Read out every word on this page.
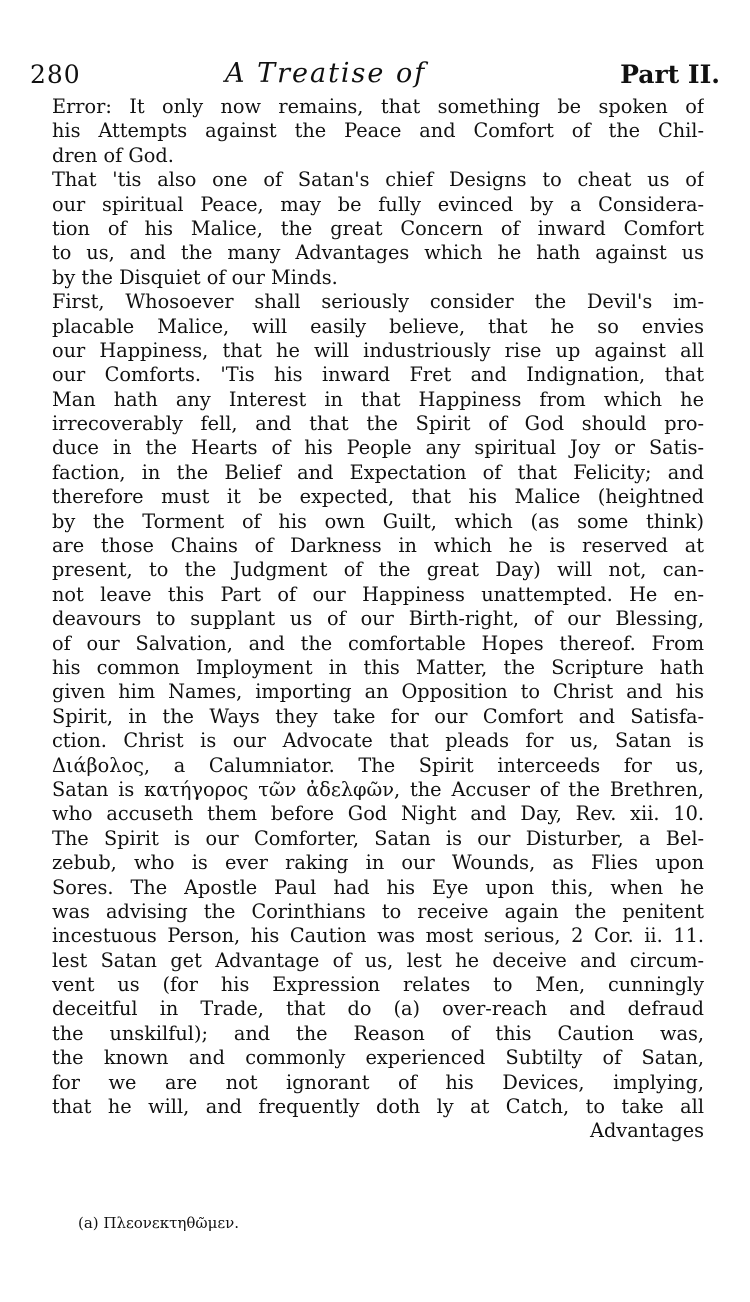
280	A Treatise of	Part II.
Error: It only now remains, that something be spoken of
his Attempts against the Peace and Comfort of the Chil-
dren of God.
That 'tis also one of Satan's chief Designs to cheat us of
our spiritual Peace, may be fully evinced by a Considera-
tion of his Malice, the great Concern of inward Comfort
to us, and the many Advantages which he hath against us
by the Disquiet of our Minds.
First, Whosoever shall seriously consider the Devil's im-
placable Malice, will easily believe, that he so envies
our Happiness, that he will industriously rise up against all
our Comforts. 'Tis his inward Fret and Indignation, that
Man hath any Interest in that Happiness from which he
irrecoverably fell, and that the Spirit of God should pro-
duce in the Hearts of his People any spiritual Joy or Satis-
faction, in the Belief and Expectation of that Felicity; and
therefore must it be expected, that his Malice (heightned
by the Torment of his own Guilt, which (as some think)
are those Chains of Darkness in which he is reserved at
present, to the Judgment of the great Day) will not, can-
not leave this Part of our Happiness unattempted. He en-
deavours to supplant us of our Birth-right, of our Blessing,
of our Salvation, and the comfortable Hopes thereof. From
his common Imployment in this Matter, the Scripture hath
given him Names, importing an Opposition to Christ and his
Spirit, in the Ways they take for our Comfort and Satisfa-
ction. Christ is our Advocate that pleads for us, Satan is
Διάβολος, a Calumniator. The Spirit interceeds for us,
Satan is κατήγορος τῶν ἀδελφῶν, the Accuser of the Brethren,
who accuseth them before God Night and Day, Rev. xii. 10.
The Spirit is our Comforter, Satan is our Disturber, a Bel-
zebub, who is ever raking in our Wounds, as Flies upon
Sores. The Apostle Paul had his Eye upon this, when he
was advising the Corinthians to receive again the penitent
incestuous Person, his Caution was most serious, 2 Cor. ii. 11.
lest Satan get Advantage of us, lest he deceive and circum-
vent us (for his Expression relates to Men, cunningly
deceitful in Trade, that do (a) over-reach and defraud
the unskilful); and the Reason of this Caution was,
the known and commonly experienced Subtilty of Satan,
for we are not ignorant of his Devices, implying,
that he will, and frequently doth ly at Catch, to take all
Advantages
(a) Πλεονεκτηθῶμεν.
